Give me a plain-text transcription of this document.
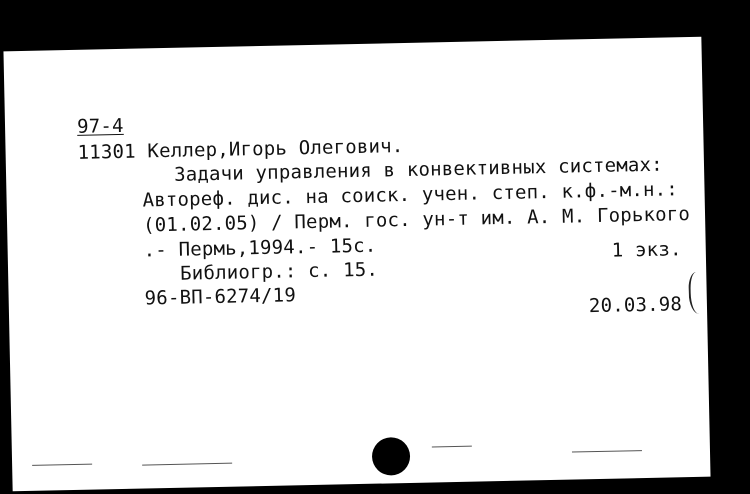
97-4
11301 Келлер,Игорь Олегович.
Задачи управления в конвективных системах:
Автореф. дис. на соиск. учен. степ. к.ф.-м.н.:
(01.02.05) / Перм. гос. ун-т им. А. М. Горького
.- Пермь,1994.- 15с.	1 экз.
Библиогр.: с. 15.
96-ВП-6274/19	20.03.98
